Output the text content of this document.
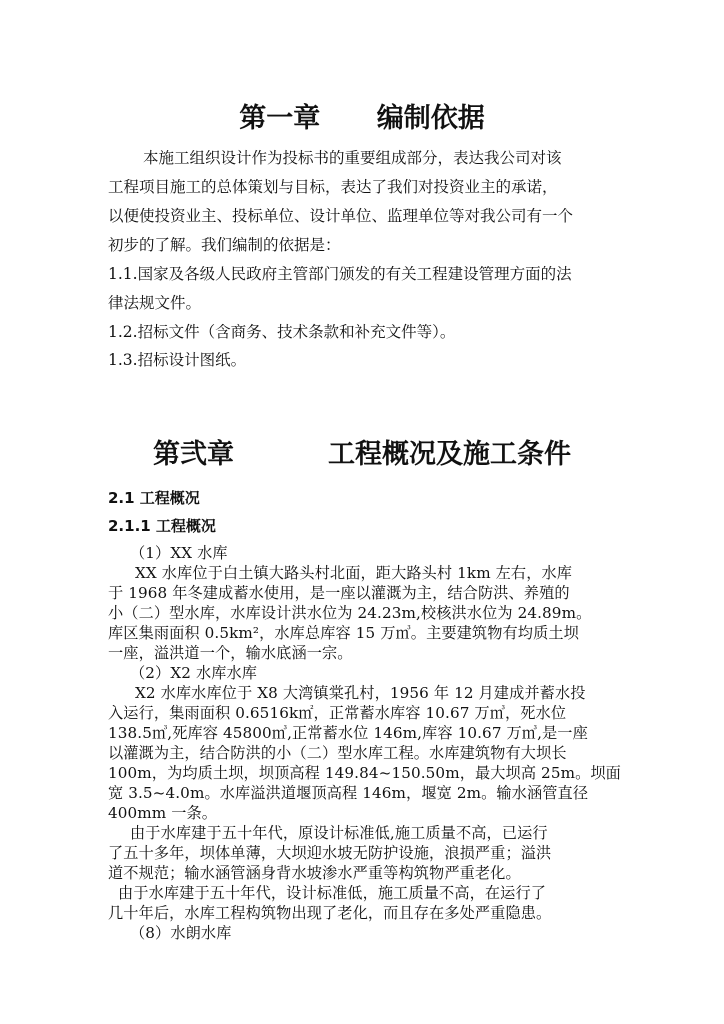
第一章      编制依据
本施工组织设计作为投标书的重要组成部分，表达我公司对该
工程项目施工的总体策划与目标，表达了我们对投资业主的承诺，
以便使投资业主、投标单位、设计单位、监理单位等对我公司有一个
初步的了解。我们编制的依据是：
1.1.国家及各级人民政府主管部门颁发的有关工程建设管理方面的法
律法规文件。
1.2.招标文件（含商务、技术条款和补充文件等）。
1.3.招标设计图纸。
第弐章          工程概况及施工条件
2.1 工程概况
2.1.1 工程概况
（1）XX 水库
XX 水库位于白土镇大路头村北面，距大路头村 1km 左右，水库
于 1968 年冬建成蓄水使用，是一座以灌溉为主，结合防洪、养殖的
小（二）型水库，水库设计洪水位为 24.23m,校核洪水位为 24.89m。
库区集雨面积 0.5km²，水库总库容 15 万㎥。主要建筑物有均质土坝
一座，溢洪道一个，输水底涵一宗。
（2）X2 水库水库
X2 水库水库位于 X8 大湾镇棠孔村，1956 年 12 月建成并蓄水投
入运行，集雨面积 0.6516k㎡，正常蓄水库容 10.67 万㎥，死水位
138.5㎥,死库容 45800㎥,正常蓄水位 146m,库容 10.67 万㎥,是一座
以灌溉为主，结合防洪的小（二）型水库工程。水库建筑物有大坝长
100m，为均质土坝，坝顶高程 149.84~150.50m，最大坝高 25m。坝面
宽 3.5~4.0m。水库溢洪道堰顶高程 146m，堰宽 2m。输水涵管直径
400mm 一条。
由于水库建于五十年代，原设计标准低,施工质量不高，已运行
了五十多年，坝体单薄，大坝迎水坡无防护设施，浪损严重；溢洪
道不规范；输水涵管涵身背水坡渗水严重等构筑物严重老化。
由于水库建于五十年代，设计标准低，施工质量不高，在运行了
几十年后，水库工程构筑物出现了老化，而且存在多处严重隐患。
（8）水朗水库
